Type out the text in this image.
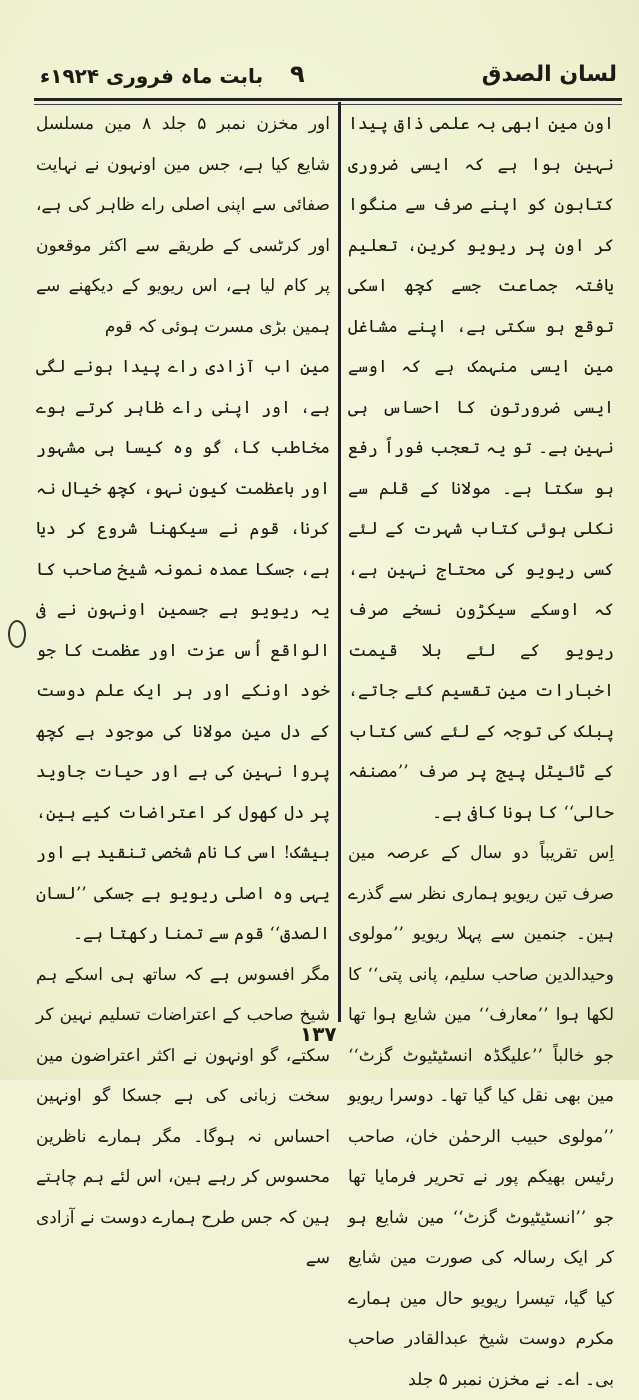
لسان الصدق
۹
بابت ماہ فروری ۱۹۲۴ء

اون مین ابھی بہ علمی ذاق پیدا نہین ہوا ہے کہ ایسی ضروری کتابون کو اپنے صرف سے منگوا کر اون پر ریویو کرین، تعلیم یافتہ جماعت جسے کچھ اسکی توقع ہو سکتی ہے، اپنے مشاغل مین ایسی منہمک ہے کہ اوسے ایسی ضرورتون کا احساس ہی نہین ہے۔ تو یہ تعجب فوراً رفع ہو سکتا ہے۔ مولانا کے قلم سے نکلی ہوئی کتاب شہرت کے لئے کسی ریویو کی محتاج نہین ہے، کہ اوسکے سیکڑون نسخے صرف ریویو کے لئے بلا قیمت اخبارات مین تقسیم کئے جاتے، پبلک کی توجہ کے لئے کسی کتاب کے ٹائیٹل پیج پر صرف ’’مصنفہ حالی‘‘ کا ہونا کافی ہے۔

اِس تقریباً دو سال کے عرصہ مین صرف تین ریویو ہماری نظر سے گذرے ہین۔ جنمین سے پہلا ریویو ’’مولوی وحیدالدین صاحب سلیم، پانی پتی‘‘ کا لکھا ہوا ’’معارف‘‘ مین شایع ہوا تھا جو خالباً ’’علیگڈہ انسٹیٹیوٹ گزٹ‘‘ مین بھی نقل کیا گیا تھا۔ دوسرا ریویو ’’مولوی حبیب الرحمٰن خان، صاحب رئیس بھیکم پور نے تحریر فرمایا تھا جو ’’انسٹیٹیوٹ گزٹ‘‘ مین شایع ہو کر ایک رسالہ کی صورت مین شایع کیا گیا، تیسرا ریویو حال مین ہمارے مکرم دوست شیخ عبدالقادر صاحب بی۔ اے۔ نے مخزن نمبر ۵ جلد

اور مخزن نمبر ۵ جلد ۸ مین مسلسل شایع کیا ہے، جس مین اونہون نے نہایت صفائی سے اپنی اصلی راے ظاہر کی ہے، اور کرٹسی کے طریقے سے اکثر موقعون پر کام لیا ہے، اس ریویو کے دیکھنے سے ہمین بڑی مسرت ہوئی کہ قوم

مین اب آزادی راے پیدا ہونے لگی ہے، اور اپنی راے ظاہر کرتے ہوے مخاطب کا، گو وہ کیسا ہی مشہور اور باعظمت کیون نہو، کچھ خیال نہ کرنا، قوم نے سیکھنا شروع کر دیا ہے، جسکا عمدہ نمونہ شیخ صاحب کا یہ ریویو ہے جسمین اونہون نے فی الواقع اُس عزت اور عظمت کا جو خود اونکے اور ہر ایک علم دوست کے دل مین مولانا کی موجود ہے کچھ پروا نہین کی ہے اور حیات جاوید پر دل کھول کر اعتراضات کیے ہین، بیشک! اسی کا نام شخصی تنقید ہے اور یہی وہ اصلی ریویو ہے جسکی ’’لسان الصدق‘‘ قوم سے تمنا رکھتا ہے۔

مگر افسوس ہے کہ ساتھ ہی اسکے ہم شیخ صاحب کے اعتراضات تسلیم نہین کر سکتے، گو اونہون نے اکثر اعتراضون مین سخت زبانی کی ہے جسکا گو اونہین احساس نہ ہوگا۔ مگر ہمارے ناظرین محسوس کر رہے ہین، اس لئے ہم چاہتے ہین کہ جس طرح ہمارے دوست نے آزادی سے

۱۳۷
